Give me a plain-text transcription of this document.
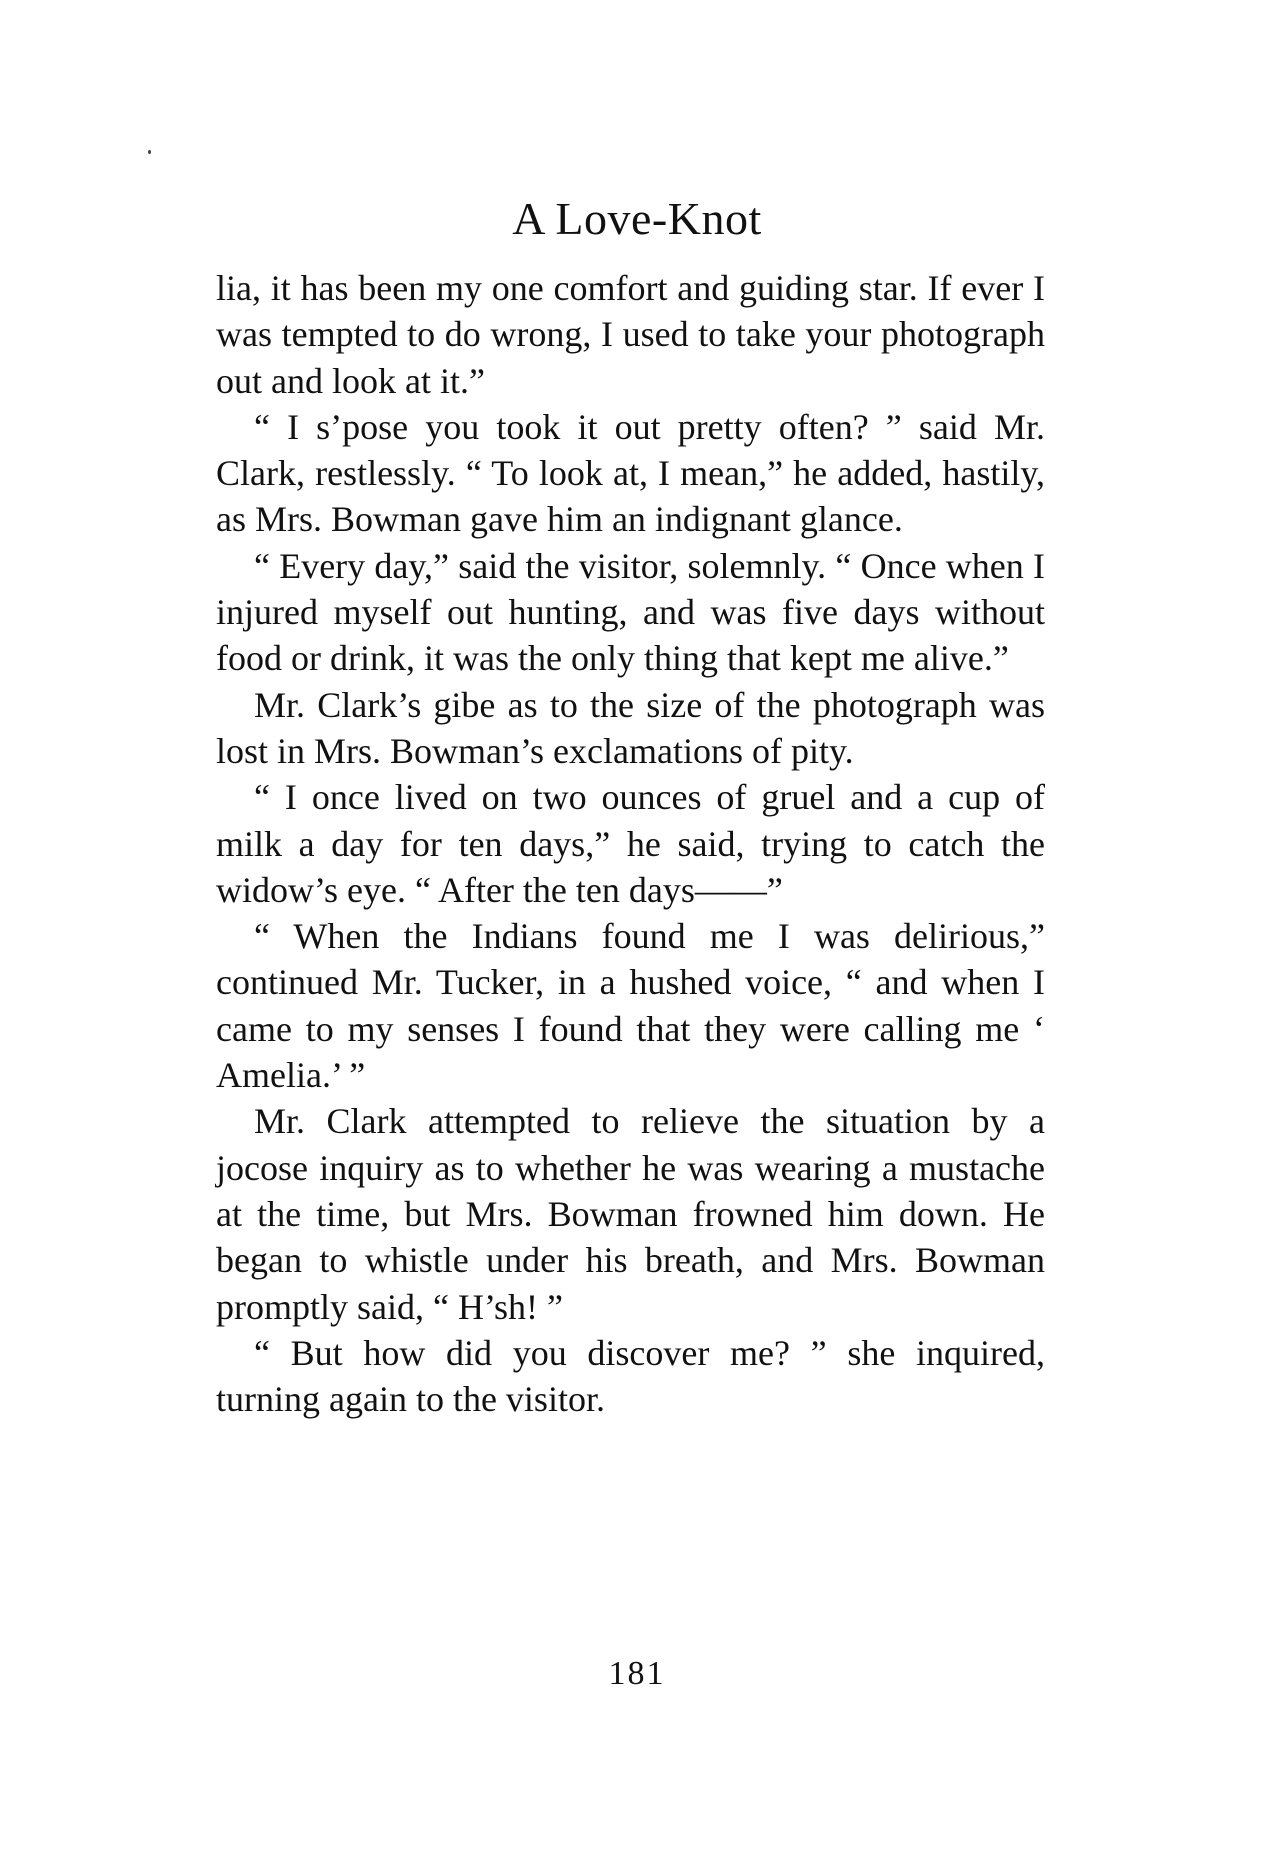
A Love-Knot

lia, it has been my one comfort and guiding star. If ever I was tempted to do wrong, I used to take your photograph out and look at it.”

“ I s’pose you took it out pretty often? ” said Mr. Clark, restlessly. “ To look at, I mean,” he added, hastily, as Mrs. Bowman gave him an indignant glance.

“ Every day,” said the visitor, solemnly. “ Once when I injured myself out hunting, and was five days without food or drink, it was the only thing that kept me alive.”

Mr. Clark’s gibe as to the size of the photograph was lost in Mrs. Bowman’s exclamations of pity.

“ I once lived on two ounces of gruel and a cup of milk a day for ten days,” he said, trying to catch the widow’s eye. “ After the ten days——”

“ When the Indians found me I was delirious,” continued Mr. Tucker, in a hushed voice, “ and when I came to my senses I found that they were calling me ‘ Amelia.’ ”

Mr. Clark attempted to relieve the situation by a jocose inquiry as to whether he was wearing a mustache at the time, but Mrs. Bowman frowned him down. He began to whistle under his breath, and Mrs. Bowman promptly said, “ H’sh! ”

“ But how did you discover me? ” she inquired, turning again to the visitor.

181
